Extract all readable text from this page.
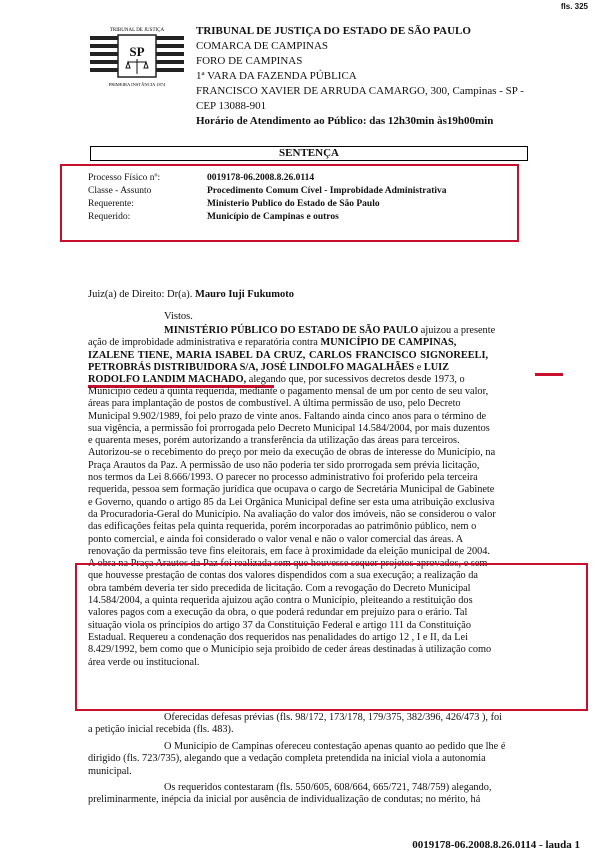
fls. 325
TRIBUNAL DE JUSTIÇA
SP
PRIMEIRA INSTÂNCIA 1874
TRIBUNAL DE JUSTIÇA DO ESTADO DE SÃO PAULO
COMARCA DE CAMPINAS
FORO DE CAMPINAS
1ª VARA DA FAZENDA PÚBLICA
FRANCISCO XAVIER DE ARRUDA CAMARGO, 300, Campinas - SP -
CEP 13088-901
Horário de Atendimento ao Público: das 12h30min às19h00min
SENTENÇA
Processo Físico nº:	0019178-06.2008.8.26.0114
Classe - Assunto	Procedimento Comum Cível - Improbidade Administrativa
Requerente:	Ministerio Publico do Estado de São Paulo
Requerido:	Município de Campinas e outros
Juiz(a) de Direito: Dr(a). Mauro Iuji Fukumoto
Vistos.
MINISTÉRIO PÚBLICO DO ESTADO DE SÃO PAULO ajuizou a presente
ação de improbidade administrativa e reparatória contra MUNICÍPIO DE CAMPINAS,
IZALENE TIENE, MARIA ISABEL DA CRUZ, CARLOS FRANCISCO SIGNOREELI,
PETROBRÁS DISTRIBUIDORA S/A, JOSÉ LINDOLFO MAGALHÃES e LUIZ
RODOLFO LANDIM MACHADO, alegando que, por sucessivos decretos desde 1973, o
Município cedeu à quinta requerida, mediante o pagamento mensal de um por cento de seu valor,
áreas para implantação de postos de combustível. A última permissão de uso, pelo Decreto
Municipal 9.902/1989, foi pelo prazo de vinte anos. Faltando ainda cinco anos para o término de
sua vigência, a permissão foi prorrogada pelo Decreto Municipal 14.584/2004, por mais duzentos
e quarenta meses, porém autorizando a transferência da utilização das áreas para terceiros.
Autorizou-se o recebimento do preço por meio da execução de obras de interesse do Município, na
Praça Arautos da Paz. A permissão de uso não poderia ter sido prorrogada sem prévia licitação,
nos termos da Lei 8.666/1993. O parecer no processo administrativo foi proferido pela terceira
requerida, pessoa sem formação jurídica que ocupava o cargo de Secretária Municipal de Gabinete
e Governo, quando o artigo 85 da Lei Orgânica Municipal define ser esta uma atribuição exclusiva
da Procuradoria-Geral do Município. Na avaliação do valor dos imóveis, não se considerou o valor
das edificações feitas pela quinta requerida, porém incorporadas ao patrimônio público, nem o
ponto comercial, e ainda foi considerado o valor venal e não o valor comercial das áreas. A
renovação da permissão teve fins eleitorais, em face à proximidade da eleição municipal de 2004.
A obra na Praça Arautos da Paz foi realizada sem que houvesse sequer projetos aprovados, e sem
que houvesse prestação de contas dos valores dispendidos com a sua execução; a realização da
obra também deveria ter sido precedida de licitação. Com a revogação do Decreto Municipal
14.584/2004, a quinta requerida ajuizou ação contra o Município, pleiteando a restituição dos
valores pagos com a execução da obra, o que poderá redundar em prejuízo para o erário. Tal
situação viola os princípios do artigo 37 da Constituição Federal e artigo 111 da Constituição
Estadual. Requereu a condenação dos requeridos nas penalidades do artigo 12 , I e II, da Lei
8.429/1992, bem como que o Município seja proibido de ceder áreas destinadas à utilização como
área verde ou institucional.
Oferecidas defesas prévias (fls. 98/172, 173/178, 179/375, 382/396, 426/473 ), foi
a petição inicial recebida (fls. 483).
O Município de Campinas ofereceu contestação apenas quanto ao pedido que lhe é
dirigido (fls. 723/735), alegando que a vedação completa pretendida na inicial viola a autonomia
municipal.
Os requeridos contestaram (fls. 550/605, 608/664, 665/721, 748/759) alegando,
preliminarmente, inépcia da inicial por ausência de individualização de condutas; no mérito, há
0019178-06.2008.8.26.0114 - lauda 1
